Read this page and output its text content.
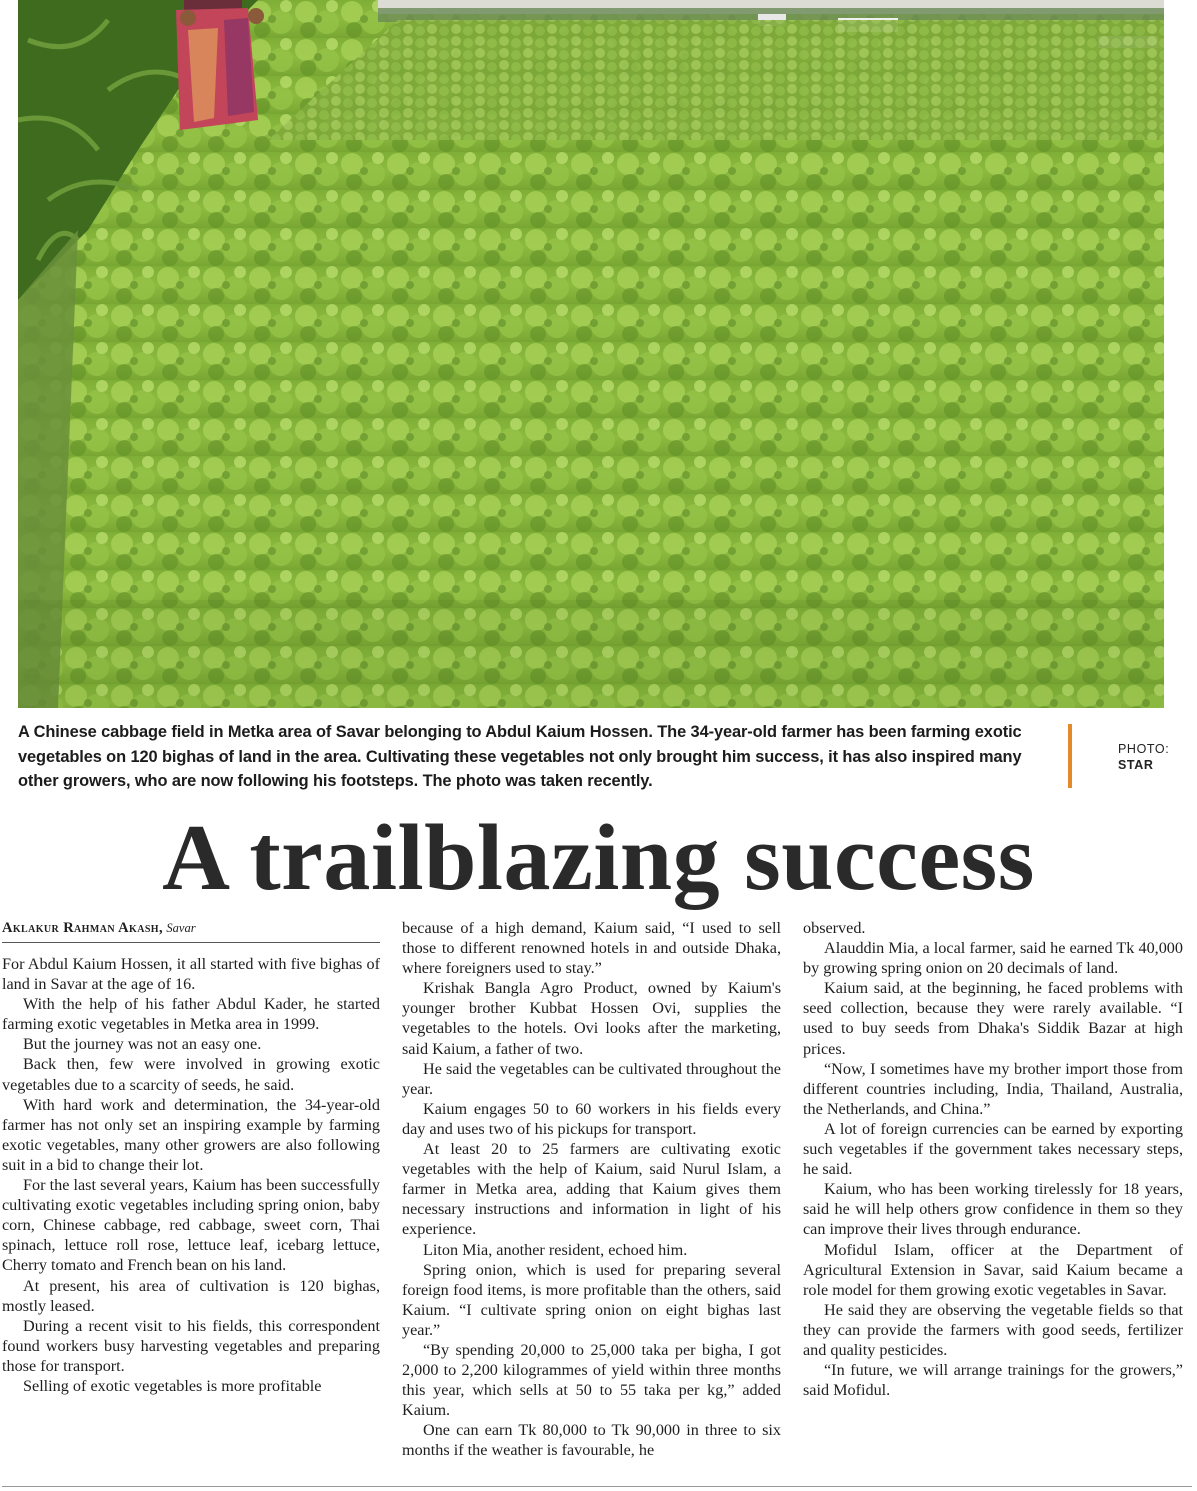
A Chinese cabbage field in Metka area of Savar belonging to Abdul Kaium Hossen. The 34-year-old farmer has been farming exotic vegetables on 120 bighas of land in the area. Cultivating these vegetables not only brought him success, it has also inspired many other growers, who are now following his footsteps. The photo was taken recently.
PHOTO:
STAR
A trailblazing success
Aklakur Rahman Akash, Savar

For Abdul Kaium Hossen, it all started with five bighas of land in Savar at the age of 16.

With the help of his father Abdul Kader, he started farming exotic vegetables in Metka area in 1999.

But the journey was not an easy one.

Back then, few were involved in growing exotic vegetables due to a scarcity of seeds, he said.

With hard work and determination, the 34-year-old farmer has not only set an inspiring example by farming exotic vegetables, many other growers are also following suit in a bid to change their lot.

For the last several years, Kaium has been successfully cultivating exotic vegetables including spring onion, baby corn, Chinese cabbage, red cabbage, sweet corn, Thai spinach, lettuce roll rose, lettuce leaf, icebarg lettuce, Cherry tomato and French bean on his land.

At present, his area of cultivation is 120 bighas, mostly leased.

During a recent visit to his fields, this correspondent found workers busy harvesting vegetables and preparing those for transport.

Selling of exotic vegetables is more profitable

because of a high demand, Kaium said, “I used to sell those to different renowned hotels in and outside Dhaka, where foreigners used to stay.”

Krishak Bangla Agro Product, owned by Kaium's younger brother Kubbat Hossen Ovi, supplies the vegetables to the hotels. Ovi looks after the marketing, said Kaium, a father of two.

He said the vegetables can be cultivated throughout the year.

Kaium engages 50 to 60 workers in his fields every day and uses two of his pickups for transport.

At least 20 to 25 farmers are cultivating exotic vegetables with the help of Kaium, said Nurul Islam, a farmer in Metka area, adding that Kaium gives them necessary instructions and information in light of his experience.

Liton Mia, another resident, echoed him.

Spring onion, which is used for preparing several foreign food items, is more profitable than the others, said Kaium. “I cultivate spring onion on eight bighas last year.”

“By spending 20,000 to 25,000 taka per bigha, I got 2,000 to 2,200 kilogrammes of yield within three months this year, which sells at 50 to 55 taka per kg,” added Kaium.

One can earn Tk 80,000 to Tk 90,000 in three to six months if the weather is favourable, he

observed.

Alauddin Mia, a local farmer, said he earned Tk 40,000 by growing spring onion on 20 decimals of land.

Kaium said, at the beginning, he faced problems with seed collection, because they were rarely available. “I used to buy seeds from Dhaka's Siddik Bazar at high prices.

“Now, I sometimes have my brother import those from different countries including, India, Thailand, Australia, the Netherlands, and China.”

A lot of foreign currencies can be earned by exporting such vegetables if the government takes necessary steps, he said.

Kaium, who has been working tirelessly for 18 years, said he will help others grow confidence in them so they can improve their lives through endurance.

Mofidul Islam, officer at the Department of Agricultural Extension in Savar, said Kaium became a role model for them growing exotic vegetables in Savar.

He said they are observing the vegetable fields so that they can provide the farmers with good seeds, fertilizer and quality pesticides.

“In future, we will arrange trainings for the growers,” said Mofidul.
